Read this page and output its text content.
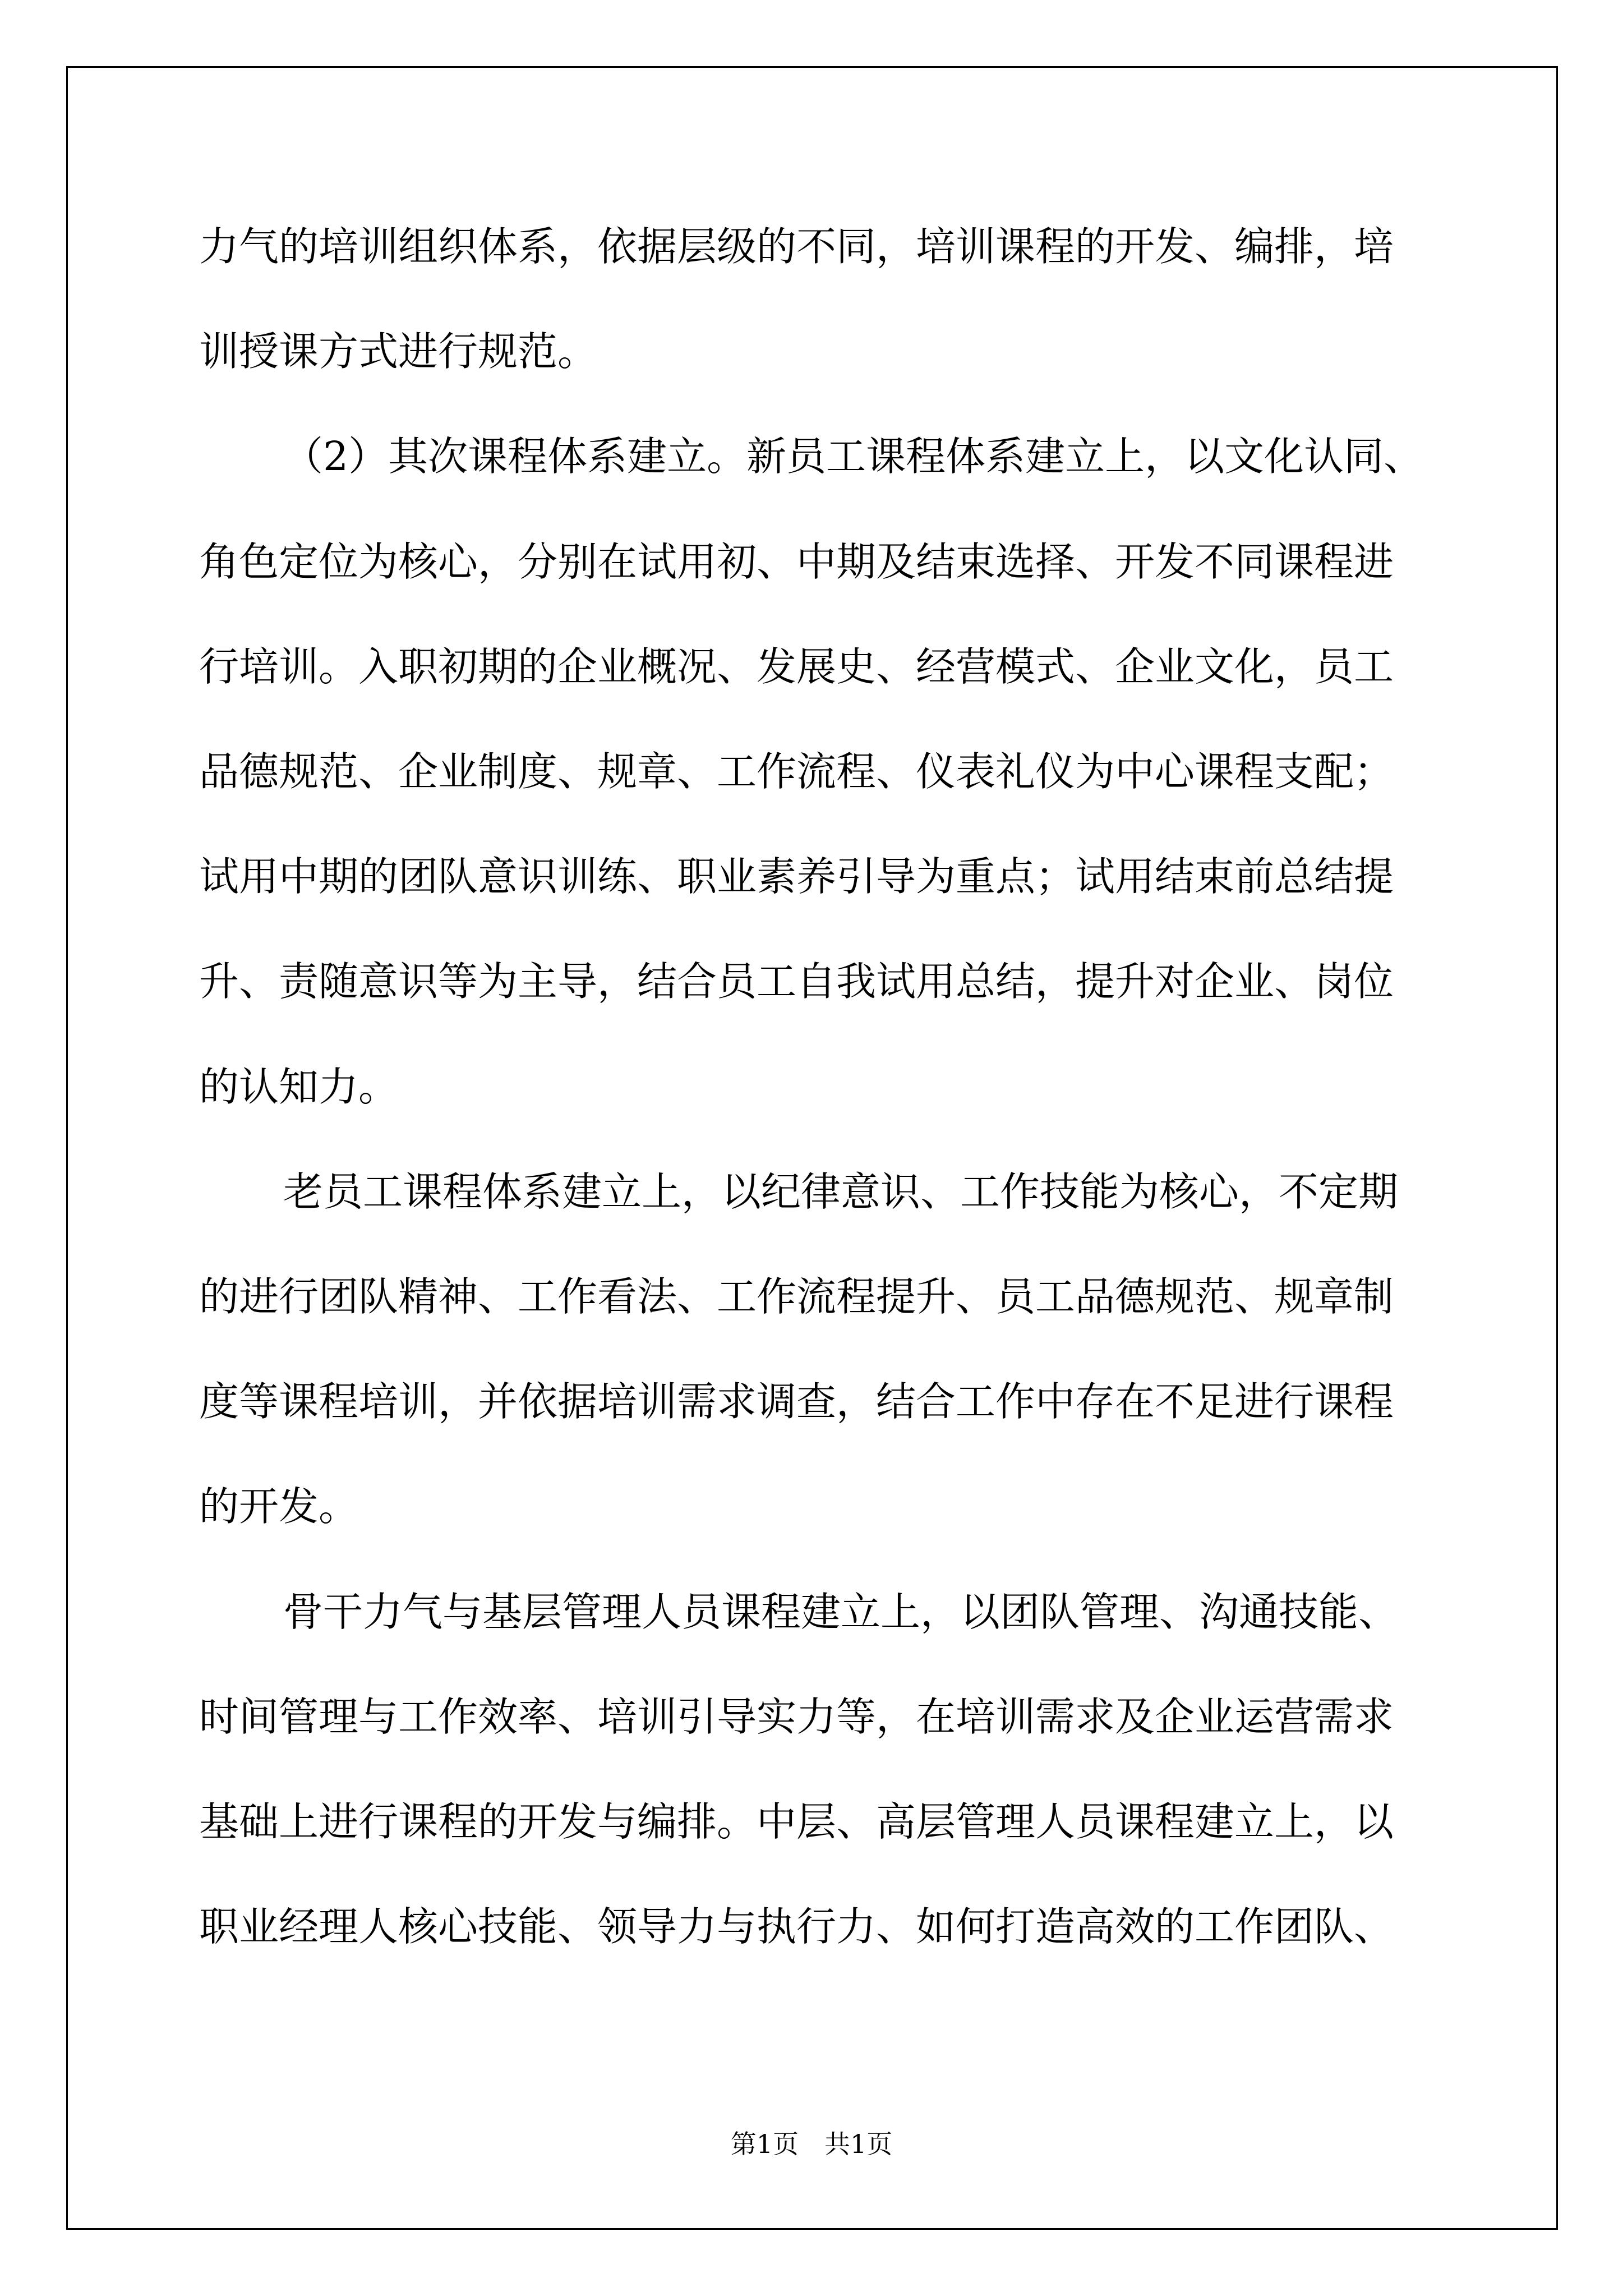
力气的培训组织体系，依据层级的不同，培训课程的开发、编排，培
训授课方式进行规范。
（2）其次课程体系建立。新员工课程体系建立上，以文化认同、
角色定位为核心，分别在试用初、中期及结束选择、开发不同课程进
行培训。入职初期的企业概况、发展史、经营模式、企业文化，员工
品德规范、企业制度、规章、工作流程、仪表礼仪为中心课程支配；
试用中期的团队意识训练、职业素养引导为重点；试用结束前总结提
升、责随意识等为主导，结合员工自我试用总结，提升对企业、岗位
的认知力。
老员工课程体系建立上，以纪律意识、工作技能为核心，不定期
的进行团队精神、工作看法、工作流程提升、员工品德规范、规章制
度等课程培训，并依据培训需求调查，结合工作中存在不足进行课程
的开发。
骨干力气与基层管理人员课程建立上，以团队管理、沟通技能、
时间管理与工作效率、培训引导实力等，在培训需求及企业运营需求
基础上进行课程的开发与编排。中层、高层管理人员课程建立上，以
职业经理人核心技能、领导力与执行力、如何打造高效的工作团队、
第1页　共1页
